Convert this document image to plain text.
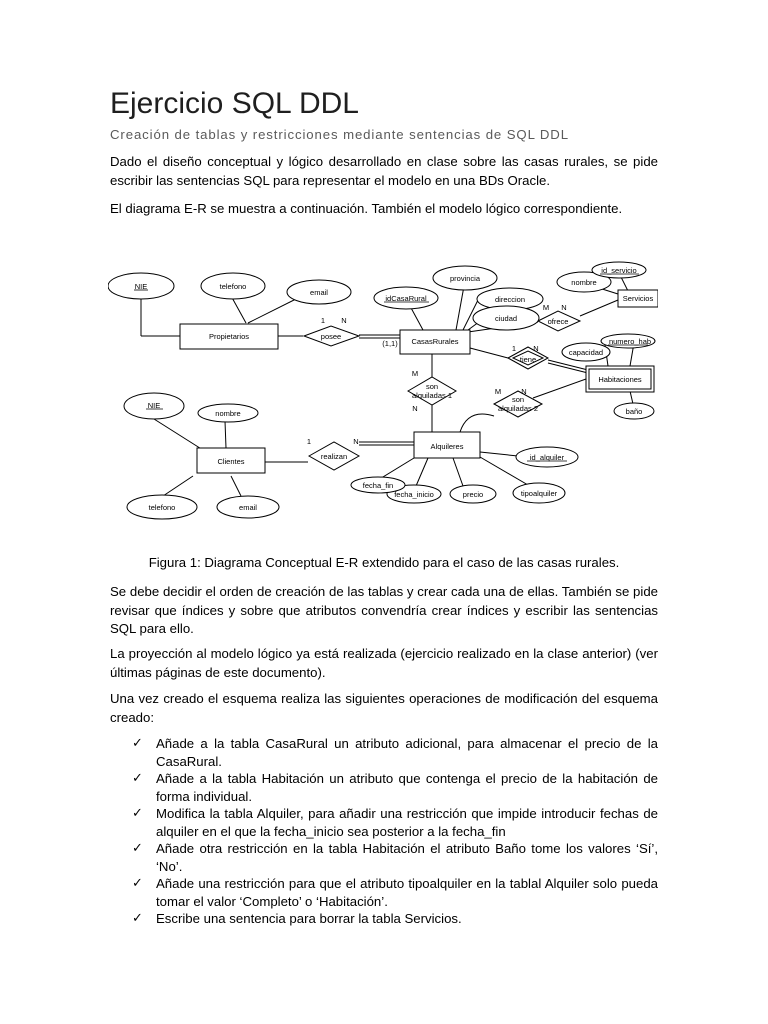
Ejercicio SQL DDL
Creación de tablas y restricciones mediante sentencias de SQL DDL

Dado el diseño conceptual y lógico desarrollado en clase sobre las casas rurales, se pide escribir las sentencias SQL para representar el modelo en una BDs Oracle.

El diagrama E-R se muestra a continuación. También el modelo lógico correspondiente.

Propietarios
CasasRurales
Servicios
Habitaciones
Clientes
Alquileres
posee
ofrece
tiene
son
alquiladas 1	son
alquiladas 2
realizan
NIE	telefono
email
idCasaRural
provincia
direccion
ciudad
nombre
id_servicio
capacidad
numero_hab
baño
NIE
nombre
telefono	email
id_alquiler
tipoalquiler
precio
fecha_inicio
fecha_fin
1 N
(1,1)
M N
1 N
M
N
M	N
1	N
Figura 1: Diagrama Conceptual E-R extendido para el caso de las casas rurales.

Se debe decidir el orden de creación de las tablas y crear cada una de ellas. También se pide revisar que índices y sobre que atributos convendría crear índices y escribir las sentencias SQL para ello.

La proyección al modelo lógico ya está realizada (ejercicio realizado en la clase anterior) (ver últimas páginas de este documento).

Una vez creado el esquema realiza las siguientes operaciones de modificación del esquema creado:

✓ Añade a la tabla CasaRural un atributo adicional, para almacenar el precio de la CasaRural.
✓ Añade a la tabla Habitación un atributo que contenga el precio de la habitación de forma individual.
✓ Modifica la tabla Alquiler, para añadir una restricción que impide introducir fechas de alquiler en el que la fecha_inicio sea posterior a la fecha_fin
✓ Añade otra restricción en la tabla Habitación el atributo Baño tome los valores ‘Sí’, ‘No’.
✓ Añade una restricción para que el atributo tipoalquiler en la tablal Alquiler solo pueda tomar el valor ‘Completo’ o ‘Habitación’.
✓ Escribe una sentencia para borrar la tabla Servicios.
